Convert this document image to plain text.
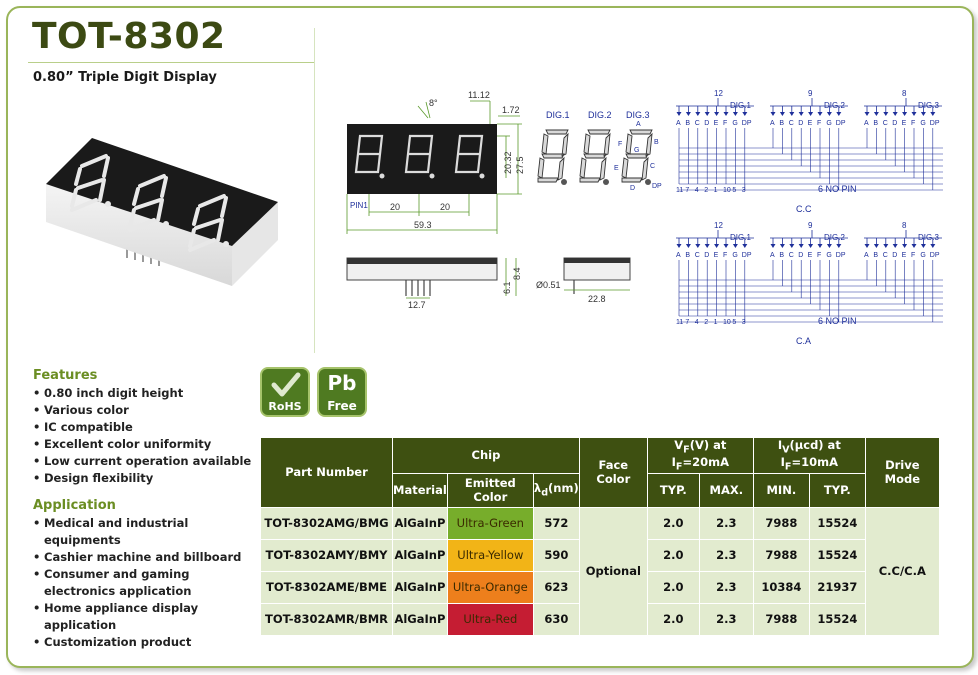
TOT-8302
0.80” Triple Digit Display
8°
11.12
1.72
20.32 27.5
PIN1 20	20
59.3
12.7
6.1
8.4
Ø0.51
22.8
DIG.1 DIG.2 DIG.3
A
B
C
D
E
F
G
DP
12
DIG.1
A B C D E F G DP
9
DIG.2
A B C D E F G DP
8
DIG.3
A B C D E F G DP
11 7 4 2 1 10 5 3	6 NO PIN
C.C
12
DIG.1
A B C D E F G DP
9
DIG.2
A B C D E F G DP
8
DIG.3
A B C D E F G DP
11 7 4 2 1 10 5 3	6 NO PIN
C.A
Features
• 0.80 inch digit height
• Various color
• IC compatible
• Excellent color uniformity
• Low current operation available
• Design flexibility
Application
• Medical and industrial equipments
• Cashier machine and billboard
• Consumer and gaming electronics application
• Home appliance display application
• Customization product
RoHS
Pb
Free
Part Number	Chip			Face Color	$V_F(V)$ at $I_F=20mA$		$I_V(\mu cd)$ at $I_F=10mA$		Drive Mode
	Material	Emitted Color	$\lambda_d(nm)$		TYP.	MAX.	MIN.	TYP.	
TOT-8302AMG/BMG	AlGaInP	Ultra-Green	572	Optional	2.0	2.3	7988	15524	C.C/C.A
TOT-8302AMY/BMY	AlGaInP	Ultra-Yellow	590		2.0	2.3	7988	15524	
TOT-8302AME/BME	AlGaInP	Ultra-Orange	623		2.0	2.3	10384	21937	
TOT-8302AMR/BMR	AlGaInP	Ultra-Red	630		2.0	2.3	7988	15524	
